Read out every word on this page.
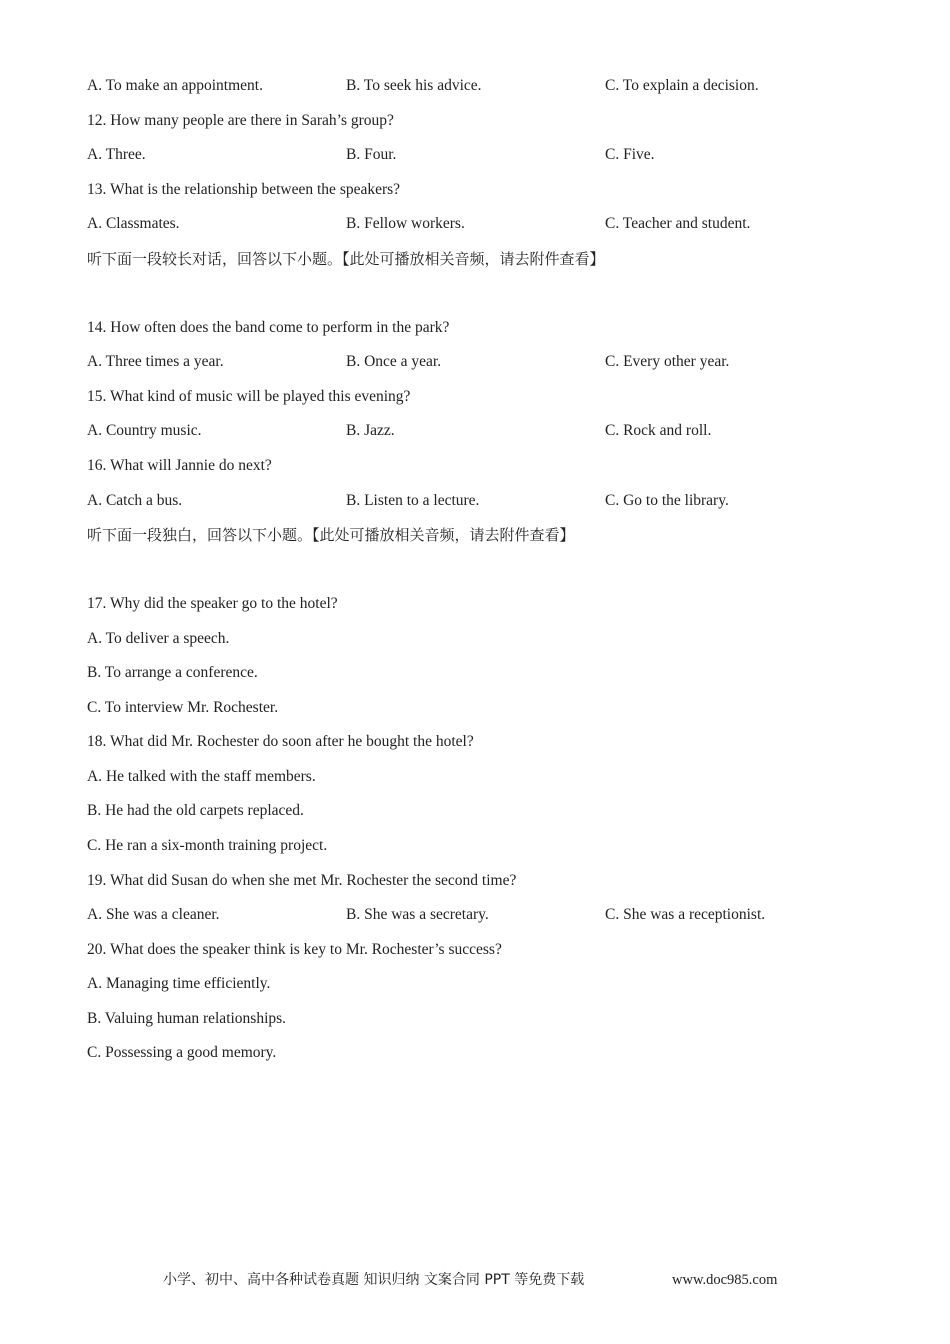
A. To make an appointment.	B. To seek his advice.	C. To explain a decision.
12. How many people are there in Sarah’s group?
A. Three.	B. Four.	C. Five.
13. What is the relationship between the speakers?
A. Classmates.	B. Fellow workers.	C. Teacher and student.
听下面一段较长对话，回答以下小题。【此处可播放相关音频，请去附件查看】
14. How often does the band come to perform in the park?
A. Three times a year.	B. Once a year.	C. Every other year.
15. What kind of music will be played this evening?
A. Country music.	B. Jazz.	C. Rock and roll.
16. What will Jannie do next?
A. Catch a bus.	B. Listen to a lecture.	C. Go to the library.
听下面一段独白，回答以下小题。【此处可播放相关音频，请去附件查看】
17. Why did the speaker go to the hotel?
A. To deliver a speech.
B. To arrange a conference.
C. To interview Mr. Rochester.
18. What did Mr. Rochester do soon after he bought the hotel?
A. He talked with the staff members.
B. He had the old carpets replaced.
C. He ran a six-month training project.
19. What did Susan do when she met Mr. Rochester the second time?
A. She was a cleaner.	B. She was a secretary.	C. She was a receptionist.
20. What does the speaker think is key to Mr. Rochester’s success?
A. Managing time efficiently.
B. Valuing human relationships.
C. Possessing a good memory.
小学、初中、高中各种试卷真题 知识归纳 文案合同 PPT 等免费下载	www.doc985.com
